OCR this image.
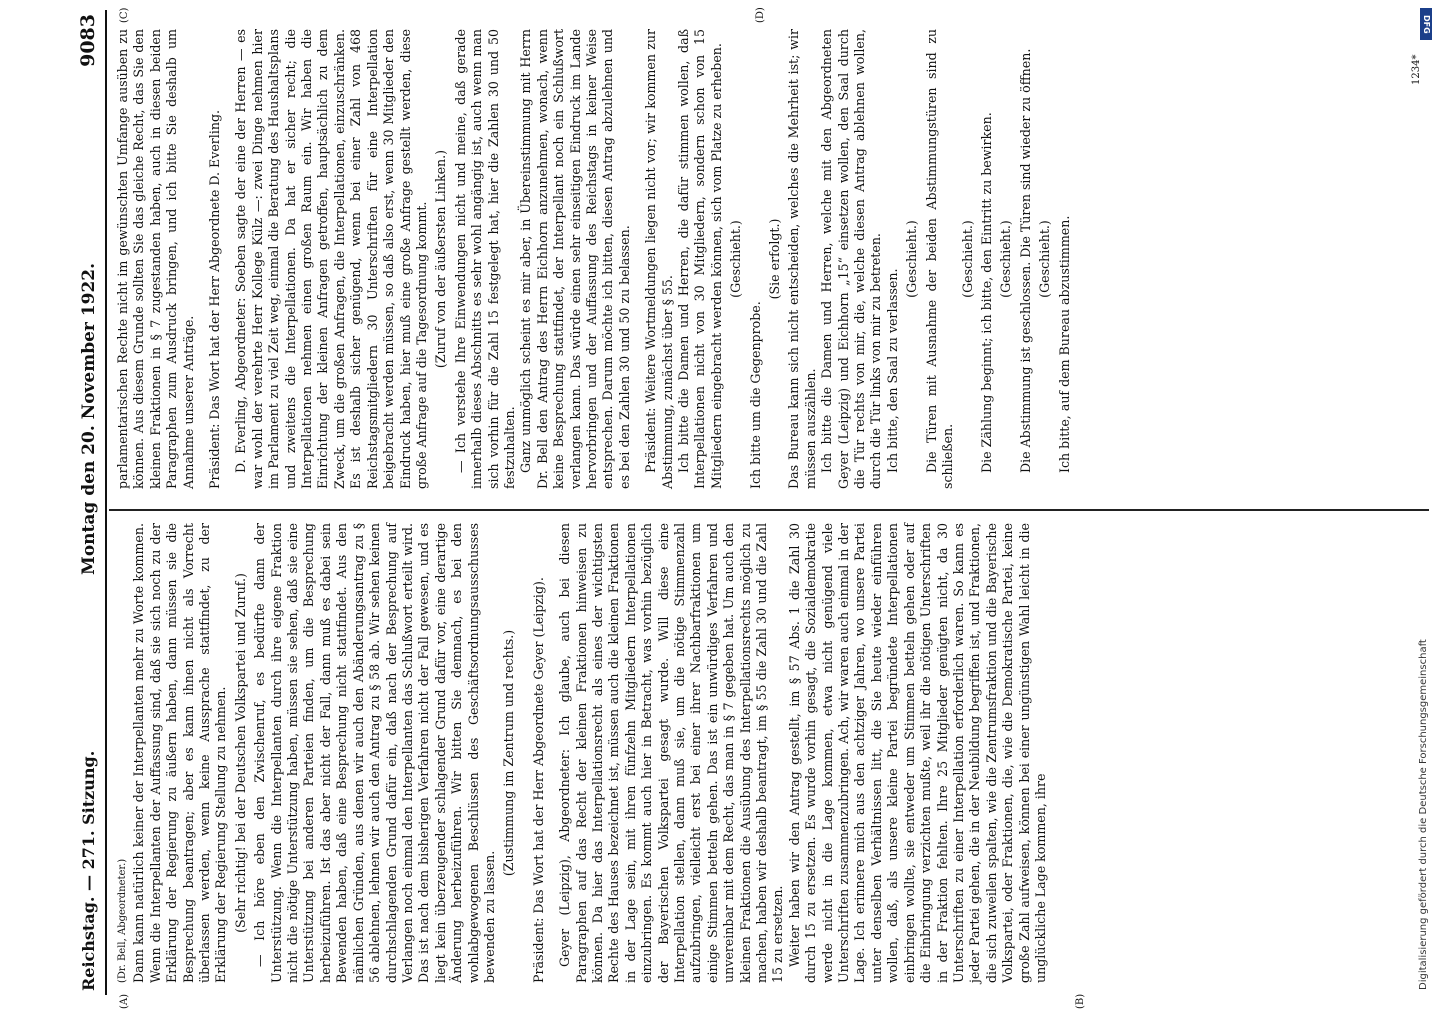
Reichstag. — 271. Sitzung.
Montag den 20. November 1922.
9083

(Dr. Bell, Abgeordneter.) Dann kann natürlich keiner der Interpellanten mehr zu Worte kommen. Wenn die Interpellanten der Auffassung sind, daß sie sich noch zu der Erklärung der Regierung zu äußern haben, dann müssen sie die Besprechung beantragen; aber es kann ihnen nicht als Vorrecht überlassen werden, wenn keine Aussprache stattfindet, zu der Erklärung der Regierung Stellung zu nehmen. (Sehr richtig! bei der Deutschen Volkspartei und Zuruf.) — Ich höre eben den Zwischenruf, es bedürfte dann der Unterstützung. Wenn die Interpellanten durch ihre eigene Fraktion nicht die nötige Unterstützung haben, müssen sie sehen, daß sie eine Unterstützung bei anderen Parteien finden, um die Besprechung herbeizuführen. Ist das aber nicht der Fall, dann muß es dabei sein Bewenden haben, daß eine Besprechung nicht stattfindet. Aus den nämlichen Gründen, aus denen wir auch den Abänderungsantrag zu § 56 ablehnen, lehnen wir auch den Antrag zu § 58 ab. Wir sehen keinen durchschlagenden Grund dafür ein, daß nach der Besprechung auf Verlangen noch einmal den Interpellanten das Schlußwort erteilt wird. Das ist nach dem bisherigen Verfahren nicht der Fall gewesen, und es liegt kein überzeugender schlagender Grund dafür vor, eine derartige Änderung herbeizuführen. Wir bitten Sie demnach, es bei den wohlabgewogenen Beschlüssen des Geschäftsordnungsausschusses bewenden zu lassen.

(Zustimmung im Zentrum und rechts.) Präsident: Das Wort hat der Herr Abgeordnete Geyer (Leipzig). Geyer (Leipzig), Abgeordneter: Ich glaube, auch bei diesen Paragraphen auf das Recht der kleinen Fraktionen hinweisen zu können. Da hier das Interpellationsrecht als eines der wichtigsten Rechte des Hauses bezeichnet ist, müssen auch die kleinen Fraktionen in der Lage sein, mit ihren fünfzehn Mitgliedern Interpellationen einzubringen. Es kommt auch hier in Betracht, was vorhin bezüglich der Bayerischen Volkspartei gesagt wurde. Will diese eine Interpellation stellen, dann muß sie, um die nötige Stimmenzahl aufzubringen, vielleicht erst bei einer ihrer Nachbarfraktionen um einige Stimmen betteln gehen. Das ist ein unwürdiges Verfahren und unvereinbar mit dem Recht, das man in § 7 gegeben hat. Um auch den kleinen Fraktionen die Ausübung des Interpellationsrechts möglich zu machen, haben wir deshalb beantragt, im § 55 die Zahl 30 und die Zahl 15 zu ersetzen. Weiter haben wir den Antrag gestellt, im § 57 Abs. 1 die Zahl 30 durch 15 zu ersetzen. Es wurde vorhin gesagt, die Sozialdemokratie werde nicht in die Lage kommen, etwa nicht genügend viele Unterschriften zusammenzubringen. Ach, wir waren auch einmal in der Lage. Ich erinnere mich aus den achtziger Jahren, wo unsere Partei unter denselben Verhältnissen litt, die Sie heute wieder einführen wollen, daß, als unsere kleine Partei begründete Interpellationen einbringen wollte, sie entweder um Stimmen betteln gehen oder auf die Einbringung verzichten mußte, weil ihr die nötigen Unterschriften in der Fraktion fehlten. Ihre 25 Mitglieder genügten nicht, da 30 Unterschriften zu einer Interpellation erforderlich waren. So kann es jeder Partei gehen, die in der Neubildung begriffen ist, und Fraktionen, die sich zuweilen spalten, wie die Zentrumsfraktion und die Bayerische Volkspartei, oder Fraktionen, die, wie die Demokratische Partei, keine große Zahl aufweisen, können bei einer ungünstigen Wahl leicht in die unglückliche Lage kommen, ihre

parlamentarischen Rechte nicht im gewünschten Umfange ausüben zu können. Aus diesem Grunde sollten Sie das gleiche Recht, das Sie den kleinen Fraktionen in § 7 zugestanden haben, auch in diesen beiden Paragraphen zum Ausdruck bringen, und ich bitte Sie deshalb um Annahme unserer Anträge. Präsident: Das Wort hat der Herr Abgeordnete D. Everling. D. Everling, Abgeordneter: Soeben sagte der eine der Herren — es war wohl der verehrte Herr Kollege Külz —: zwei Dinge nehmen hier im Parlament zu viel Zeit weg, einmal die Beratung des Haushaltsplans und zweitens die Interpellationen. Da hat er sicher recht; die Interpellationen nehmen einen großen Raum ein. Wir haben die Einrichtung der kleinen Anfragen getroffen, hauptsächlich zu dem Zweck, um die großen Anfragen, die Interpellationen, einzuschränken. Es ist deshalb sicher genügend, wenn bei einer Zahl von 468 Reichstagsmitgliedern 30 Unterschriften für eine Interpellation beigebracht werden müssen, so daß also erst, wenn 30 Mitglieder den Eindruck haben, hier muß eine große Anfrage gestellt werden, diese große Anfrage auf die Tagesordnung kommt. (Zuruf von der äußersten Linken.) — Ich verstehe Ihre Einwendungen nicht und meine, daß gerade innerhalb dieses Abschnitts es sehr wohl angängig ist, auch wenn man sich vorhin für die Zahl 15 festgelegt hat, hier die Zahlen 30 und 50 festzuhalten. Ganz unmöglich scheint es mir aber, in Übereinstimmung mit Herrn Dr. Bell den Antrag des Herrn Eichhorn anzunehmen, wonach, wenn keine Besprechung stattfindet, der Interpellant noch ein Schlußwort verlangen kann. Das würde einen sehr einseitigen Eindruck im Lande hervorbringen und der Auffassung des Reichstags in keiner Weise entsprechen. Darum möchte ich bitten, diesen Antrag abzulehnen und es bei den Zahlen 30 und 50 zu belassen. Präsident: Weitere Wortmeldungen liegen nicht vor; wir kommen zur Abstimmung, zunächst über § 55. Ich bitte die Damen und Herren, die dafür stimmen wollen, daß Interpellationen nicht von 30 Mitgliedern, sondern schon von 15 Mitgliedern eingebracht werden können, sich vom Platze zu erheben. (Geschieht.)

Ich bitte um die Gegenprobe.

(Sie erfolgt.) Das Bureau kann sich nicht entscheiden, welches die Mehrheit ist; wir müssen auszählen. Ich bitte die Damen und Herren, welche mit den Abgeordneten Geyer (Leipzig) und Eichhorn „15“ einsetzen wollen, den Saal durch die Tür rechts von mir, die, welche diesen Antrag ablehnen wollen, durch die Tür links von mir zu betreten. Ich bitte, den Saal zu verlassen.

(Geschieht.) Die Türen mit Ausnahme der beiden Abstimmungstüren sind zu schließen.

(Geschieht.) Die Zählung beginnt; ich bitte, den Eintritt zu bewirken. (Geschieht.) Die Abstimmung ist geschlossen. Die Türen sind wieder zu öffnen. (Geschieht.) Ich bitte, auf dem Bureau abzustimmen.

(A)	(B)
(C)	(D)
1234*
DFG
Digitalisierung gefördert durch die Deutsche Forschungsgemeinschaft
